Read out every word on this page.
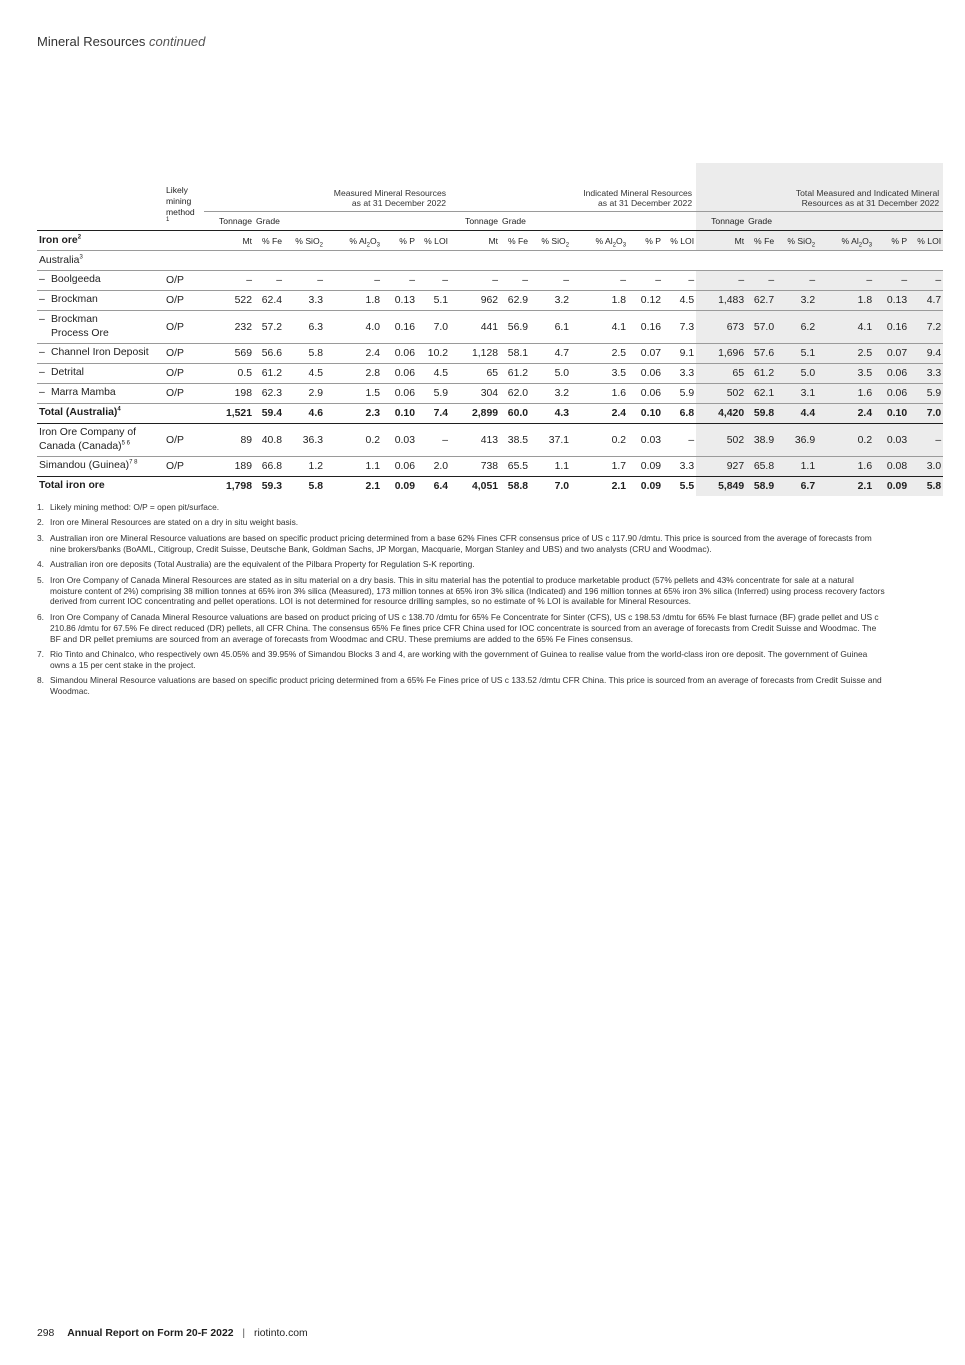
Mineral Resources continued

	Likely
mining
method
$^1$	Measured Mineral Resources
as at 31 December 2022						Indicated Mineral Resources
as at 31 December 2022						Total Measured and Indicated Mineral
Resources as at 31 December 2022					
		Tonnage	Grade					Tonnage	Grade					Tonnage	Grade				
Iron ore$^2$		Mt	% Fe	% SiO$_2$	% $Al_2O_3$	% P	% LOI	Mt	% Fe	% SiO$_2$	% $Al_2O_3$	% P	% LOI	Mt	% Fe	% SiO$_2$	% $Al_2O_3$	% P	% LOI
Australia$^3$	
– Boolgeeda	O/P	–	–	–	–	–	–	–	–	–	–	–	–	–	–	–	–	–	–
– Brockman	O/P	522	62.4	3.3	1.8	0.13	5.1	962	62.9	3.2	1.8	0.12	4.5	1,483	62.7	3.2	1.8	0.13	4.7
– Brockman
Process Ore	O/P	232	57.2	6.3	4.0	0.16	7.0	441	56.9	6.1	4.1	0.16	7.3	673	57.0	6.2	4.1	0.16	7.2
– Channel Iron Deposit	O/P	569	56.6	5.8	2.4	0.06	10.2	1,128	58.1	4.7	2.5	0.07	9.1	1,696	57.6	5.1	2.5	0.07	9.4
– Detrital	O/P	0.5	61.2	4.5	2.8	0.06	4.5	65	61.2	5.0	3.5	0.06	3.3	65	61.2	5.0	3.5	0.06	3.3
– Marra Mamba	O/P	198	62.3	2.9	1.5	0.06	5.9	304	62.0	3.2	1.6	0.06	5.9	502	62.1	3.1	1.6	0.06	5.9
Total (Australia)$^4$		1,521	59.4	4.6	2.3	0.10	7.4	2,899	60.0	4.3	2.4	0.10	6.8	4,420	59.8	4.4	2.4	0.10	7.0
Iron Ore Company of
Canada (Canada)$^{5 6}$	O/P	89	40.8	36.3	0.2	0.03	–	413	38.5	37.1	0.2	0.03	–	502	38.9	36.9	0.2	0.03	–
Simandou (Guinea)$^{7 8}$	O/P	189	66.8	1.2	1.1	0.06	2.0	738	65.5	1.1	1.7	0.09	3.3	927	65.8	1.1	1.6	0.08	3.0
Total iron ore		1,798	59.3	5.8	2.1	0.09	6.4	4,051	58.8	7.0	2.1	0.09	5.5	5,849	58.9	6.7	2.1	0.09	5.8
1. Likely mining method: O/P = open pit/surface.
2. Iron ore Mineral Resources are stated on a dry in situ weight basis.
3. Australian iron ore Mineral Resource valuations are based on specific product pricing determined from a base 62% Fines CFR consensus price of US c 117.90 /dmtu. This price is sourced from the average of forecasts from nine brokers/banks (BoAML, Citigroup, Credit Suisse, Deutsche Bank, Goldman Sachs, JP Morgan, Macquarie, Morgan Stanley and UBS) and two analysts (CRU and Woodmac).
4. Australian iron ore deposits (Total Australia) are the equivalent of the Pilbara Property for Regulation S-K reporting.
5. Iron Ore Company of Canada Mineral Resources are stated as in situ material on a dry basis. This in situ material has the potential to produce marketable product (57% pellets and 43% concentrate for sale at a natural moisture content of 2%) comprising 38 million tonnes at 65% iron 3% silica (Measured), 173 million tonnes at 65% iron 3% silica (Indicated) and 196 million tonnes at 65% iron 3% silica (Inferred) using process recovery factors derived from current IOC concentrating and pellet operations. LOI is not determined for resource drilling samples, so no estimate of % LOI is available for Mineral Resources.
6. Iron Ore Company of Canada Mineral Resource valuations are based on product pricing of US c 138.70 /dmtu for 65% Fe Concentrate for Sinter (CFS), US c 198.53 /dmtu for 65% Fe blast furnace (BF) grade pellet and US c 210.86 /dmtu for 67.5% Fe direct reduced (DR) pellets, all CFR China. The consensus 65% Fe fines price CFR China used for IOC concentrate is sourced from an average of forecasts from Credit Suisse and Woodmac. The BF and DR pellet premiums are sourced from an average of forecasts from Woodmac and CRU. These premiums are added to the 65% Fe Fines consensus.
7. Rio Tinto and Chinalco, who respectively own 45.05% and 39.95% of Simandou Blocks 3 and 4, are working with the government of Guinea to realise value from the world-class iron ore deposit. The government of Guinea owns a 15 per cent stake in the project.
8. Simandou Mineral Resource valuations are based on specific product pricing determined from a 65% Fe Fines price of US c 133.52 /dmtu CFR China. This price is sourced from an average of forecasts from Credit Suisse and Woodmac.
298 Annual Report on Form 20-F 2022 | riotinto.com
